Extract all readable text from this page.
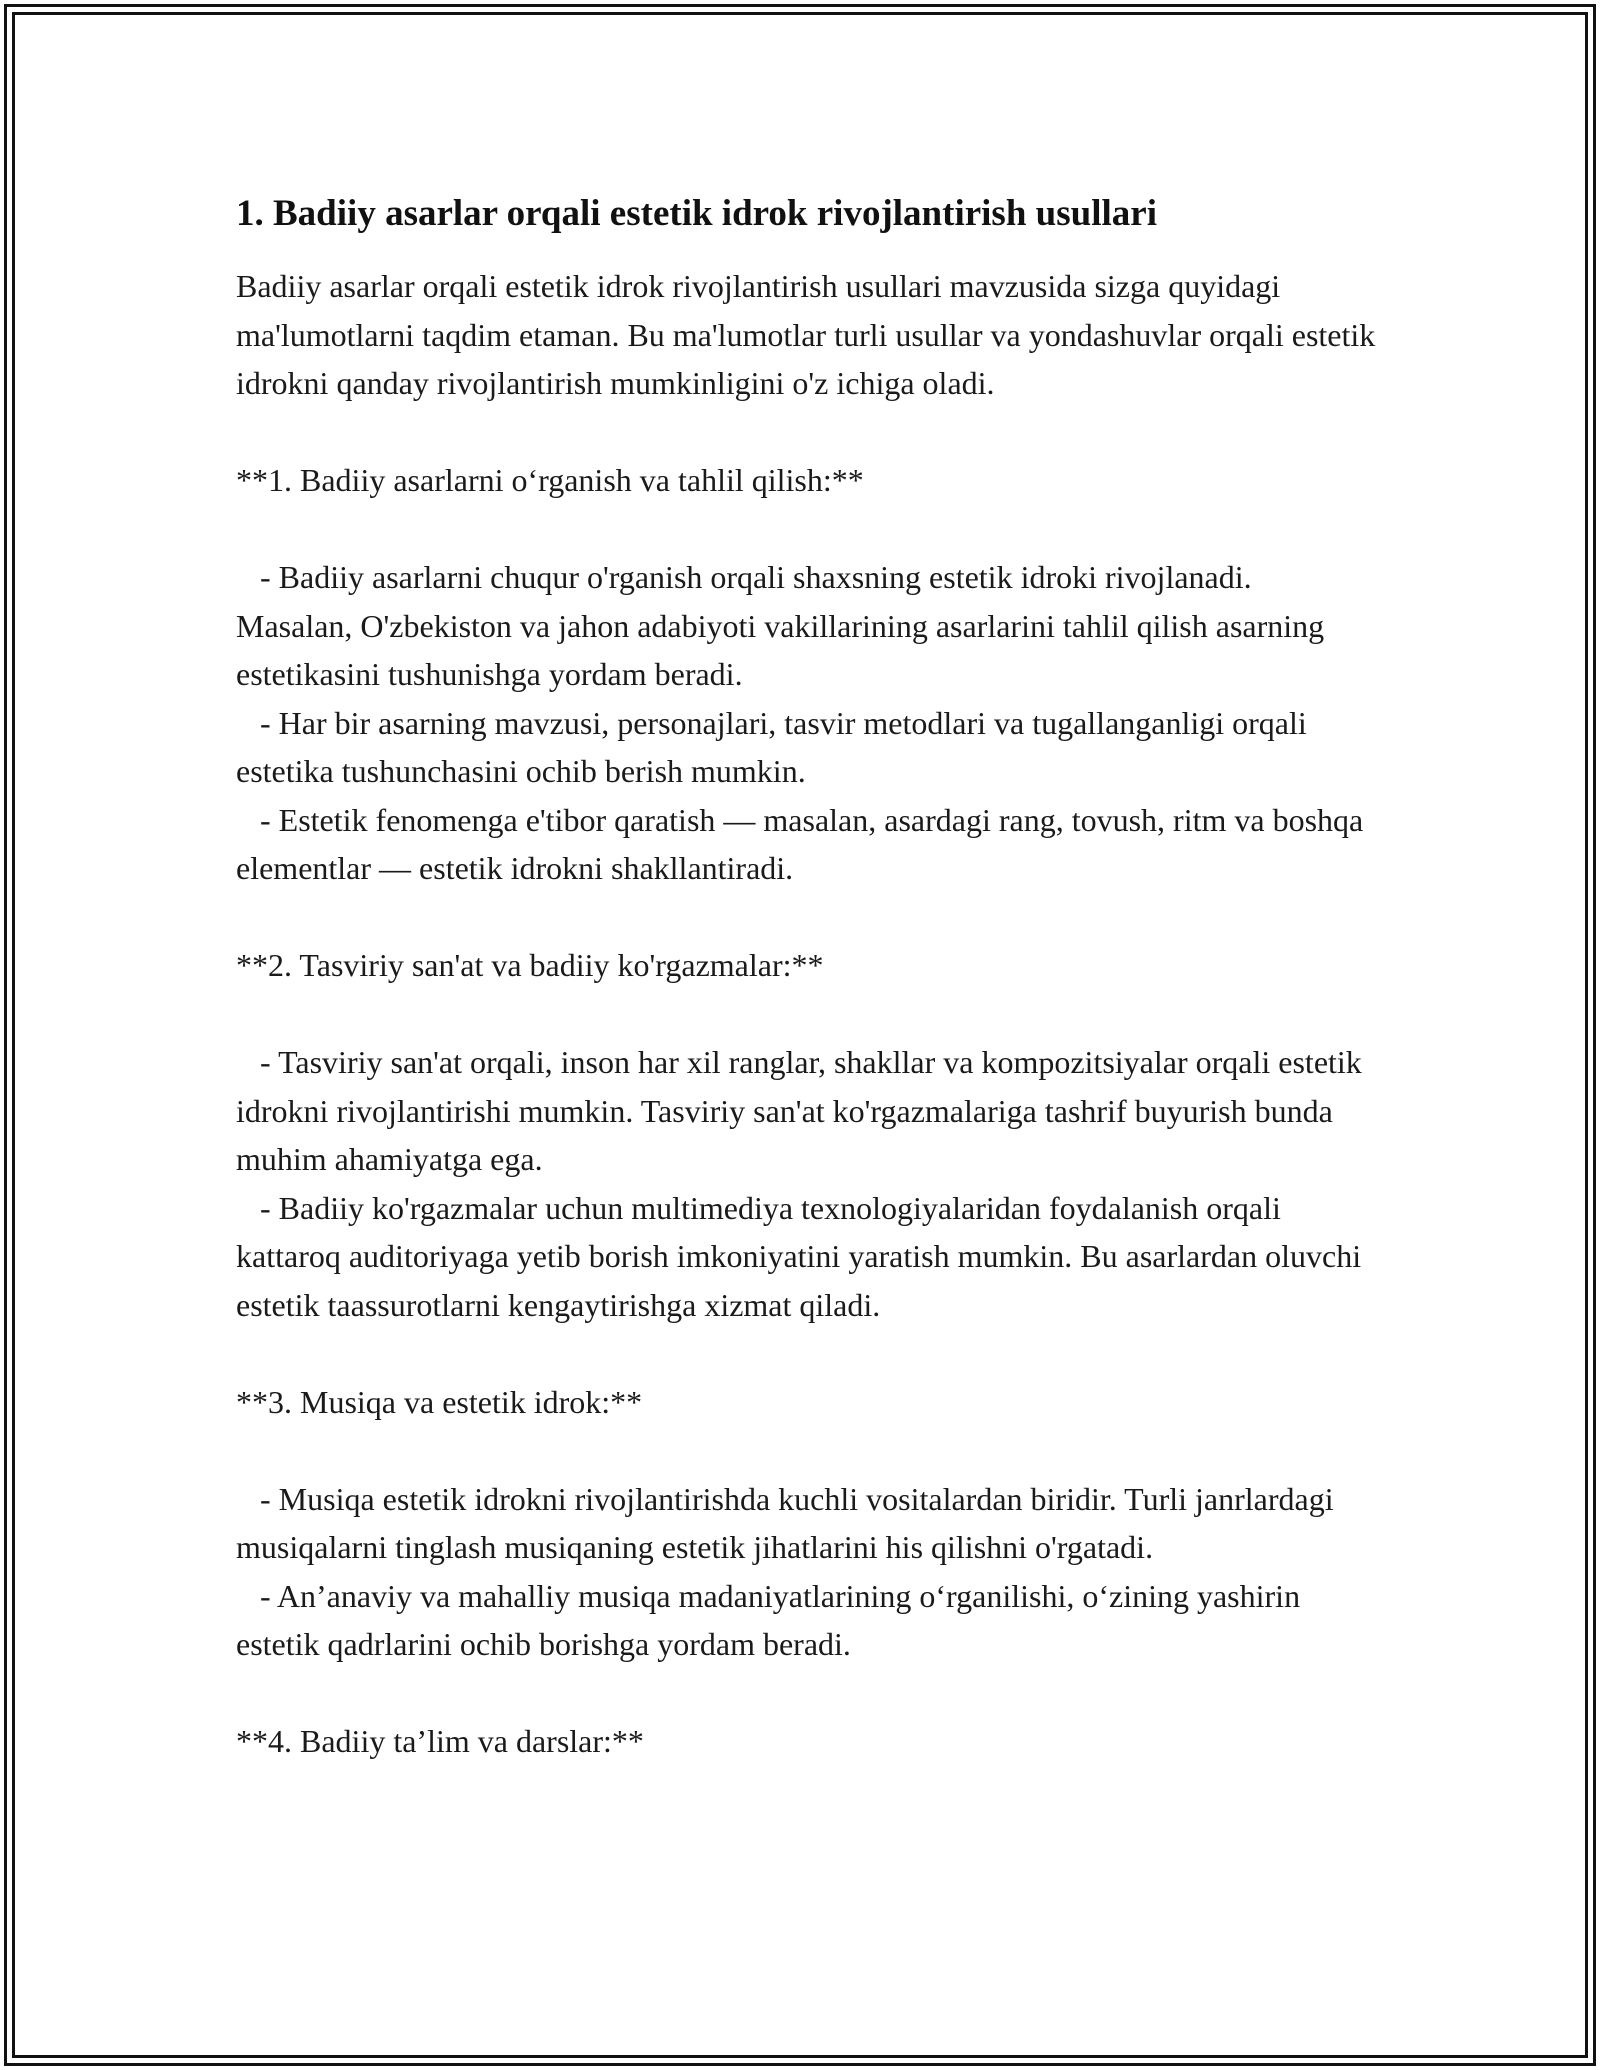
1. Badiiy asarlar orqali estetik idrok rivojlantirish usullari

Badiiy asarlar orqali estetik idrok rivojlantirish usullari mavzusida sizga quyidagi ma'lumotlarni taqdim etaman. Bu ma'lumotlar turli usullar va yondashuvlar orqali estetik idrokni qanday rivojlantirish mumkinligini o'z ichiga oladi.

**1. Badiiy asarlarni o‘rganish va tahlil qilish:**

- Badiiy asarlarni chuqur o'rganish orqali shaxsning estetik idroki rivojlanadi. Masalan, O'zbekiston va jahon adabiyoti vakillarining asarlarini tahlil qilish asarning estetikasini tushunishga yordam beradi.

- Har bir asarning mavzusi, personajlari, tasvir metodlari va tugallanganligi orqali estetika tushunchasini ochib berish mumkin.

- Estetik fenomenga e'tibor qaratish — masalan, asardagi rang, tovush, ritm va boshqa elementlar — estetik idrokni shakllantiradi.

**2. Tasviriy san'at va badiiy ko'rgazmalar:**

- Tasviriy san'at orqali, inson har xil ranglar, shakllar va kompozitsiyalar orqali estetik idrokni rivojlantirishi mumkin. Tasviriy san'at ko'rgazmalariga tashrif buyurish bunda muhim ahamiyatga ega.

- Badiiy ko'rgazmalar uchun multimediya texnologiyalaridan foydalanish orqali kattaroq auditoriyaga yetib borish imkoniyatini yaratish mumkin. Bu asarlardan oluvchi estetik taassurotlarni kengaytirishga xizmat qiladi.

**3. Musiqa va estetik idrok:**

- Musiqa estetik idrokni rivojlantirishda kuchli vositalardan biridir. Turli janrlardagi musiqalarni tinglash musiqaning estetik jihatlarini his qilishni o'rgatadi.

- An’anaviy va mahalliy musiqa madaniyatlarining o‘rganilishi, o‘zining yashirin estetik qadrlarini ochib borishga yordam beradi.

**4. Badiiy ta’lim va darslar:**
